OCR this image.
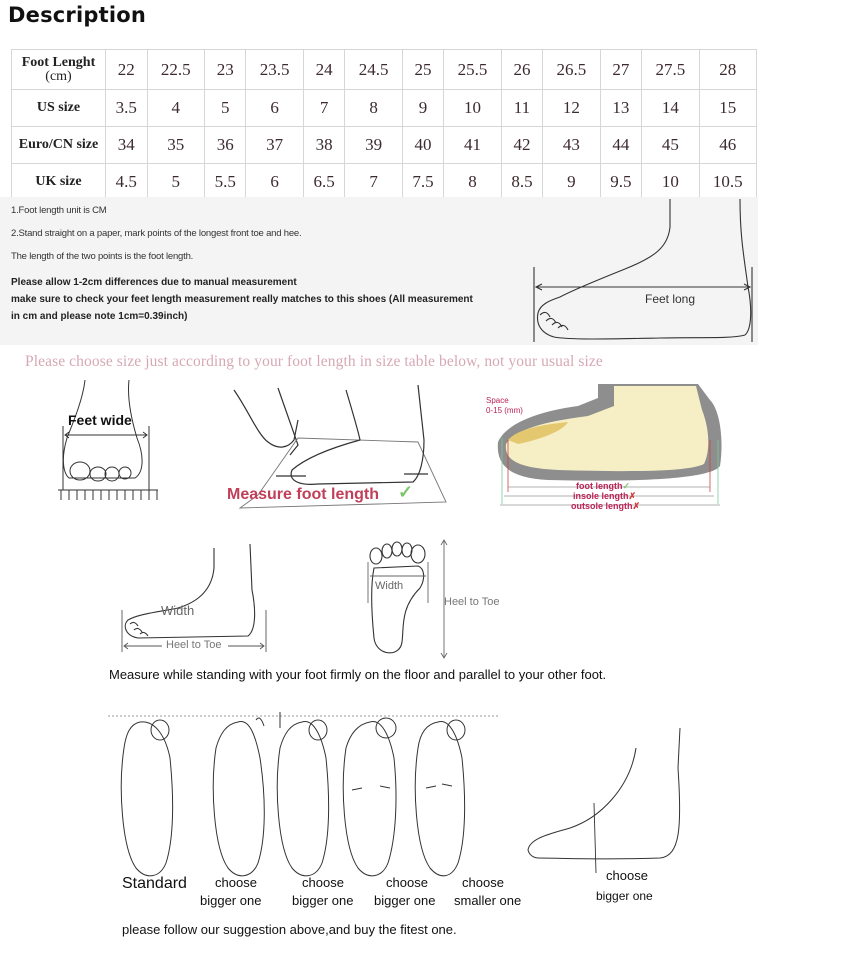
Description
Foot Lenght
(cm)	22	22.5	23	23.5	24	24.5	25	25.5	26	26.5	27	27.5	28
US size	3.5	4	5	6	7	8	9	10	11	12	13	14	15
Euro/CN size	34	35	36	37	38	39	40	41	42	43	44	45	46
UK size	4.5	5	5.5	6	6.5	7	7.5	8	8.5	9	9.5	10	10.5
1.Foot length unit is CM
2.Stand straight on a paper, mark points of the longest front toe and hee.
The length of the two points is the foot length.
Please allow 1-2cm differences due to manual measurement
make sure to check your feet length measurement really matches to this shoes (All measurement
in cm and please note 1cm=0.39inch)
Feet long
Please choose size just according to your foot length in size table below, not your usual size
Feet wide
Measure foot length ✓
Space
0-15 (mm)
foot length✓
insole length✗
outsole length✗
Width
Heel to Toe
Width
Heel to Toe
Measure while standing with your foot firmly on the floor and parallel to your other foot.
Standard choose
bigger one
choose
bigger one
choose
bigger one
choose
smaller one
choose
bigger one
please follow our suggestion above,and buy the fitest one.
